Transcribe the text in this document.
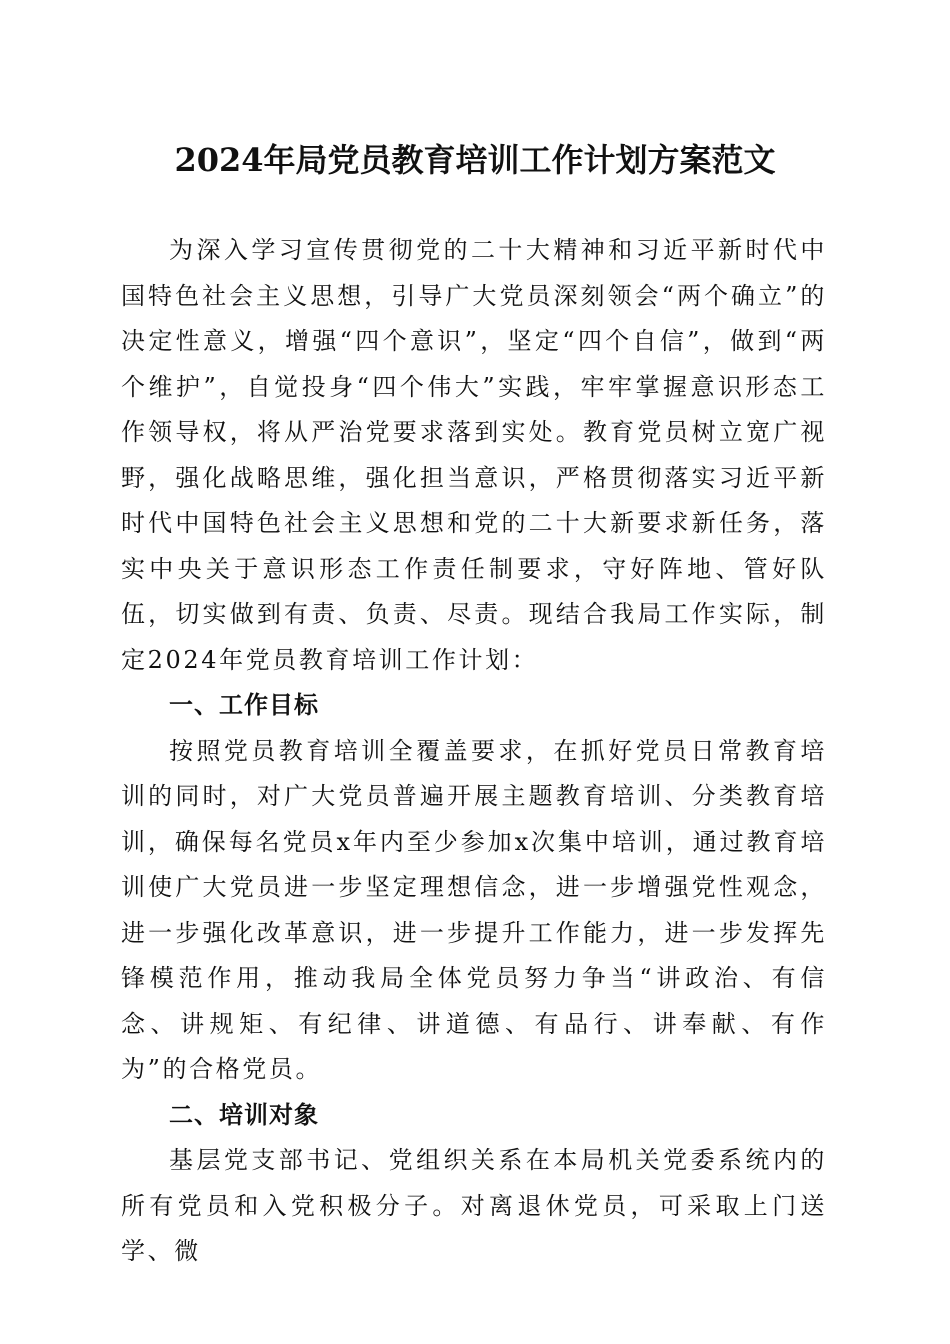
2024年局党员教育培训工作计划方案范文

为深入学习宣传贯彻党的二十大精神和习近平新时代中国特色社会主义思想，引导广大党员深刻领会“两个确立”的决定性意义，增强“四个意识”，坚定“四个自信”，做到“两个维护”，自觉投身“四个伟大”实践，牢牢掌握意识形态工作领导权，将从严治党要求落到实处。教育党员树立宽广视野，强化战略思维，强化担当意识，严格贯彻落实习近平新时代中国特色社会主义思想和党的二十大新要求新任务，落实中央关于意识形态工作责任制要求，守好阵地、管好队伍，切实做到有责、负责、尽责。现结合我局工作实际，制定2024年党员教育培训工作计划：

一、工作目标

按照党员教育培训全覆盖要求，在抓好党员日常教育培训的同时，对广大党员普遍开展主题教育培训、分类教育培训，确保每名党员x年内至少参加x次集中培训，通过教育培训使广大党员进一步坚定理想信念，进一步增强党性观念，进一步强化改革意识，进一步提升工作能力，进一步发挥先锋模范作用，推动我局全体党员努力争当“讲政治、有信念、讲规矩、有纪律、讲道德、有品行、讲奉献、有作为”的合格党员。

二、培训对象

基层党支部书记、党组织关系在本局机关党委系统内的所有党员和入党积极分子。对离退休党员，可采取上门送学、微
